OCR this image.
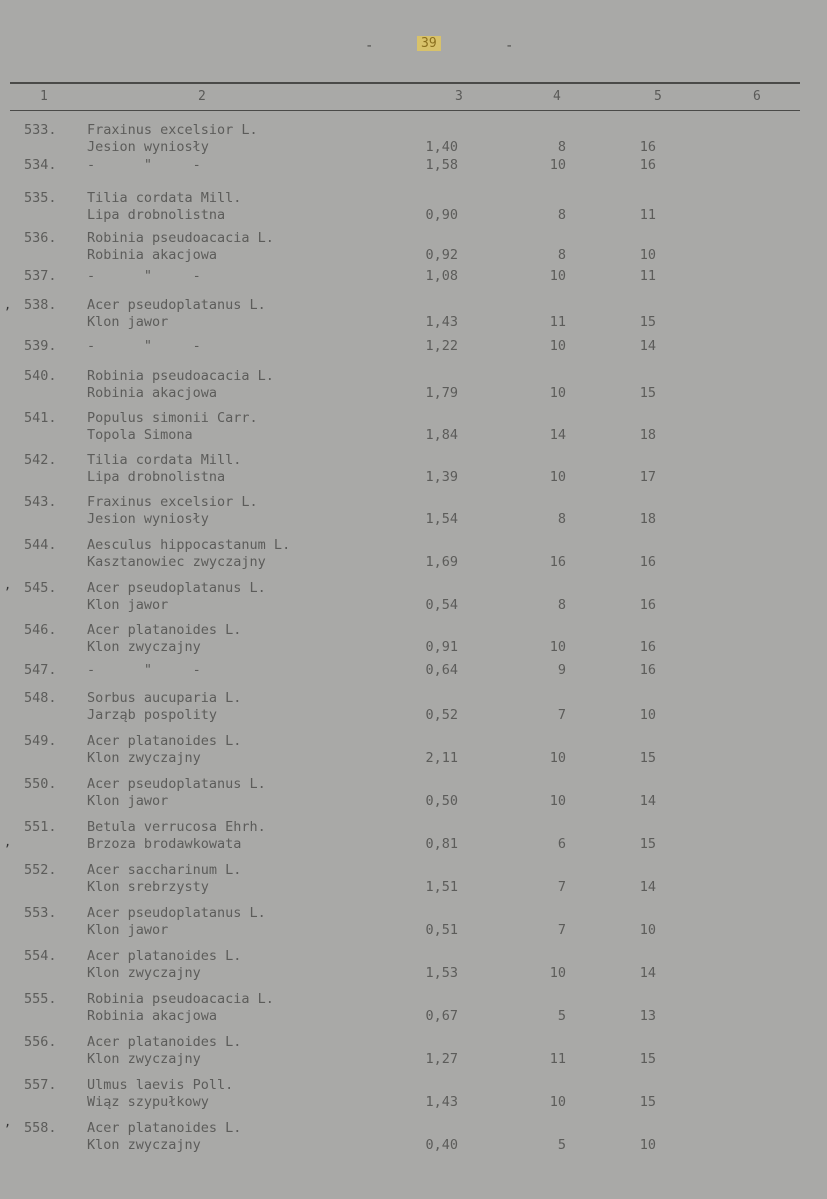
-	39	-
1	2	3	4	5	6
533. Fraxinus excelsior L.
Jesion wyniosły	1,40	8	16
534. -      "     -	1,58	10	16
535. Tilia cordata Mill.
Lipa drobnolistna	0,90	8	11
536. Robinia pseudoacacia L.
Robinia akacjowa	0,92	8	10
537. -      "     -	1,08	10	11
538. Acer pseudoplatanus L.
Klon jawor	1,43	11	15
539. -      "     -	1,22	10	14
540. Robinia pseudoacacia L.
Robinia akacjowa	1,79	10	15
541. Populus simonii Carr.
Topola Simona	1,84	14	18
542. Tilia cordata Mill.
Lipa drobnolistna	1,39	10	17
543. Fraxinus excelsior L.
Jesion wyniosły	1,54	8	18
544. Aesculus hippocastanum L.
Kasztanowiec zwyczajny	1,69	16	16
545. Acer pseudoplatanus L.
Klon jawor	0,54	8	16
546. Acer platanoides L.
Klon zwyczajny	0,91	10	16
547. -      "     -	0,64	9	16
548. Sorbus aucuparia L.
Jarząb pospolity	0,52	7	10
549. Acer platanoides L.
Klon zwyczajny	2,11	10	15
550. Acer pseudoplatanus L.
Klon jawor	0,50	10	14
551. Betula verrucosa Ehrh.
Brzoza brodawkowata	0,81	6	15
552. Acer saccharinum L.
Klon srebrzysty	1,51	7	14
553. Acer pseudoplatanus L.
Klon jawor	0,51	7	10
554. Acer platanoides L.
Klon zwyczajny	1,53	10	14
555. Robinia pseudoacacia L.
Robinia akacjowa	0,67	5	13
556. Acer platanoides L.
Klon zwyczajny	1,27	11	15
557. Ulmus laevis Poll.
Wiąz szypułkowy	1,43	10	15
558. Acer platanoides L.
Klon zwyczajny	0,40	5	10
,
,
,
,
